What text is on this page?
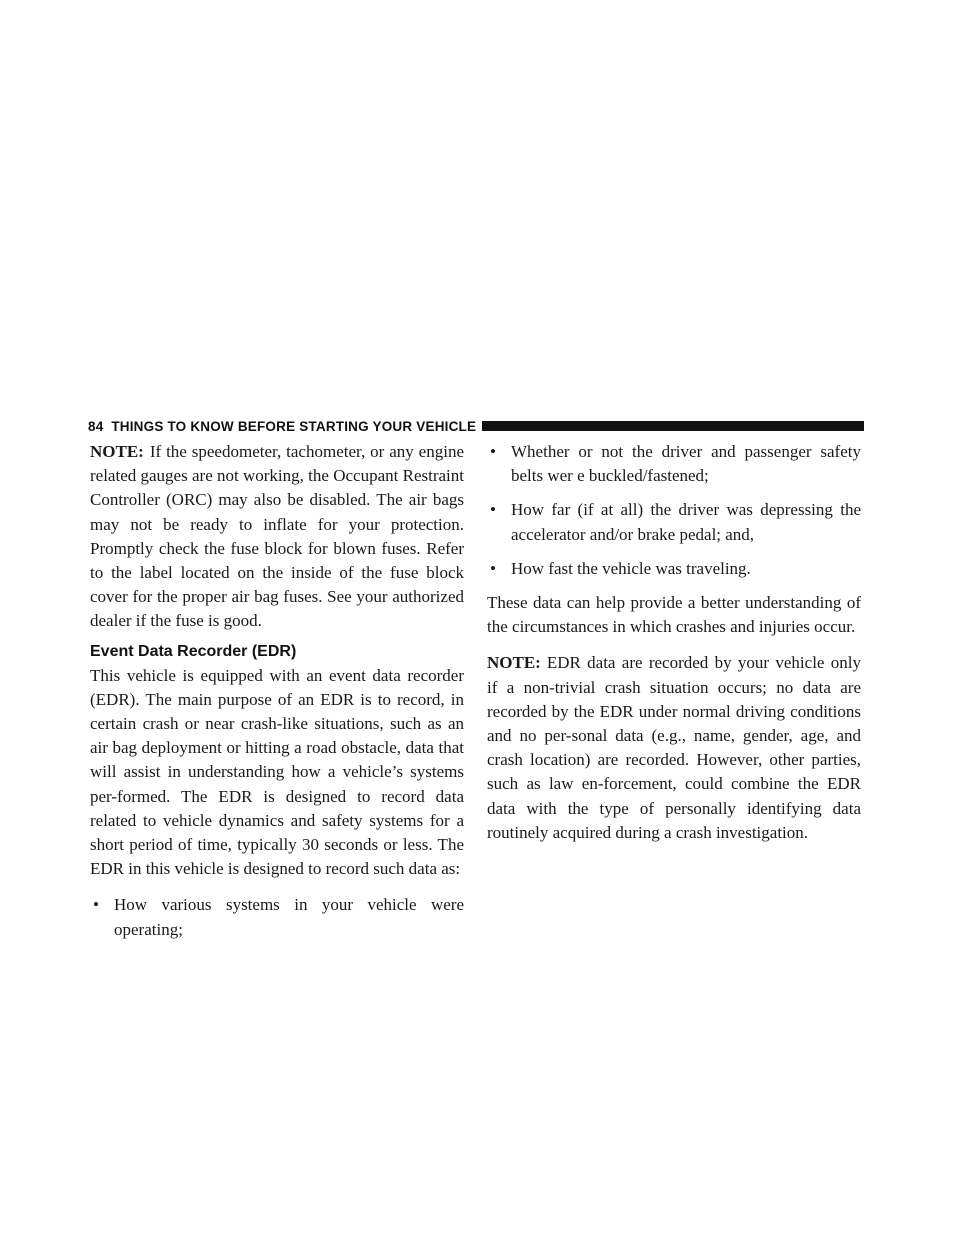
84 THINGS TO KNOW BEFORE STARTING YOUR VEHICLE

NOTE: If the speedometer, tachometer, or any engine related gauges are not working, the Occupant Restraint Controller (ORC) may also be disabled. The air bags may not be ready to inflate for your protection. Promptly check the fuse block for blown fuses. Refer to the label located on the inside of the fuse block cover for the proper air bag fuses. See your authorized dealer if the fuse is good.

Event Data Recorder (EDR)

This vehicle is equipped with an event data recorder (EDR). The main purpose of an EDR is to record, in certain crash or near crash-like situations, such as an air bag deployment or hitting a road obstacle, data that will assist in understanding how a vehicle’s systems per-formed. The EDR is designed to record data related to vehicle dynamics and safety systems for a short period of time, typically 30 seconds or less. The EDR in this vehicle is designed to record such data as:

• How various systems in your vehicle were operating;
• Whether or not the driver and passenger safety belts wer e buckled/fastened;
• How far (if at all) the driver was depressing the accelerator and/or brake pedal; and,
• How fast the vehicle was traveling.

These data can help provide a better understanding of the circumstances in which crashes and injuries occur.

NOTE: EDR data are recorded by your vehicle only if a non-trivial crash situation occurs; no data are recorded by the EDR under normal driving conditions and no per-sonal data (e.g., name, gender, age, and crash location) are recorded. However, other parties, such as law en-forcement, could combine the EDR data with the type of personally identifying data routinely acquired during a crash investigation.
